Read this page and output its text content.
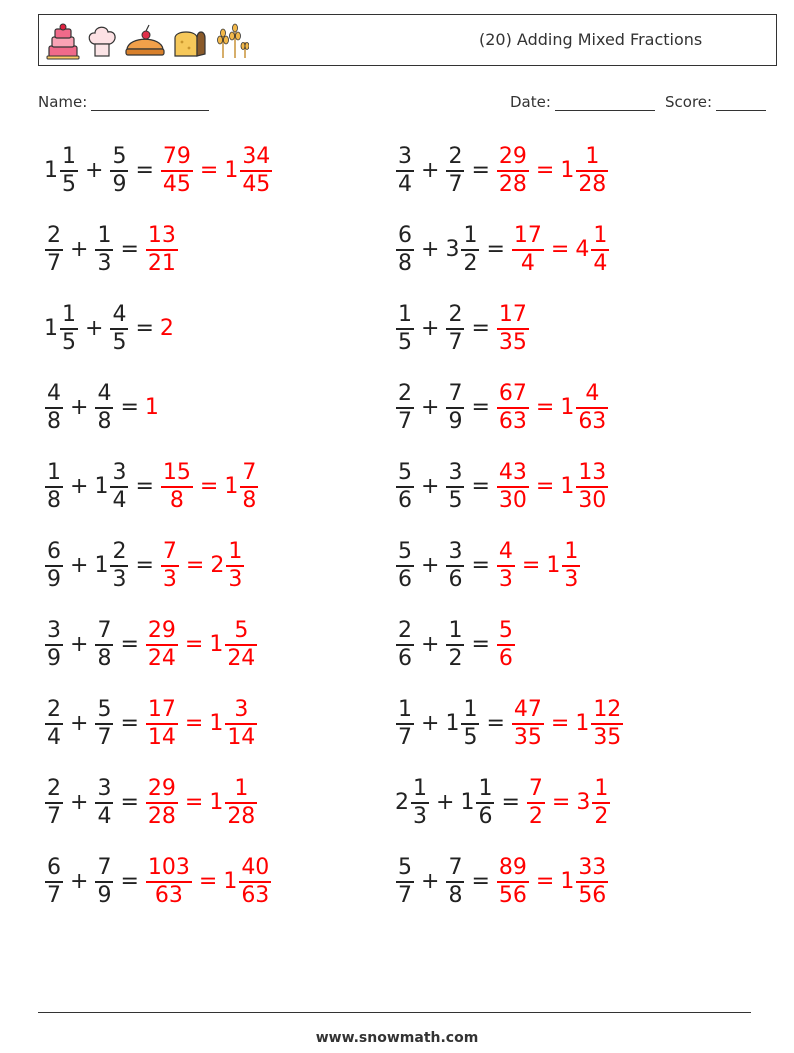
(20) Adding Mixed Fractions
Name:	Date:	Score:
$1 \frac{1}{5} + \frac{5}{9} = \frac{79}{45} = 1 \frac{34}{45}$
$\frac{2}{7} + \frac{1}{3} = \frac{13}{21}$
$1 \frac{1}{5} + \frac{4}{5} = 2$
$\frac{4}{8} + \frac{4}{8} = 1$
$\frac{1}{8} + 1 \frac{3}{4} = \frac{15}{8} = 1 \frac{7}{8}$
$\frac{6}{9} + 1 \frac{2}{3} = \frac{7}{3} = 2 \frac{1}{3}$
$\frac{3}{9} + \frac{7}{8} = \frac{29}{24} = 1 \frac{5}{24}$
$\frac{2}{4} + \frac{5}{7} = \frac{17}{14} = 1 \frac{3}{14}$
$\frac{2}{7} + \frac{3}{4} = \frac{29}{28} = 1 \frac{1}{28}$
$\frac{6}{7} + \frac{7}{9} = \frac{103}{63} = 1 \frac{40}{63}$
$\frac{3}{4} + \frac{2}{7} = \frac{29}{28} = 1 \frac{1}{28}$
$\frac{6}{8} + 3 \frac{1}{2} = \frac{17}{4} = 4 \frac{1}{4}$
$\frac{1}{5} + \frac{2}{7} = \frac{17}{35}$
$\frac{2}{7} + \frac{7}{9} = \frac{67}{63} = 1 \frac{4}{63}$
$\frac{5}{6} + \frac{3}{5} = \frac{43}{30} = 1 \frac{13}{30}$
$\frac{5}{6} + \frac{3}{6} = \frac{4}{3} = 1 \frac{1}{3}$
$\frac{2}{6} + \frac{1}{2} = \frac{5}{6}$
$\frac{1}{7} + 1 \frac{1}{5} = \frac{47}{35} = 1 \frac{12}{35}$
$2 \frac{1}{3} + 1 \frac{1}{6} = \frac{7}{2} = 3 \frac{1}{2}$
$\frac{5}{7} + \frac{7}{8} = \frac{89}{56} = 1 \frac{33}{56}$
www.snowmath.com
